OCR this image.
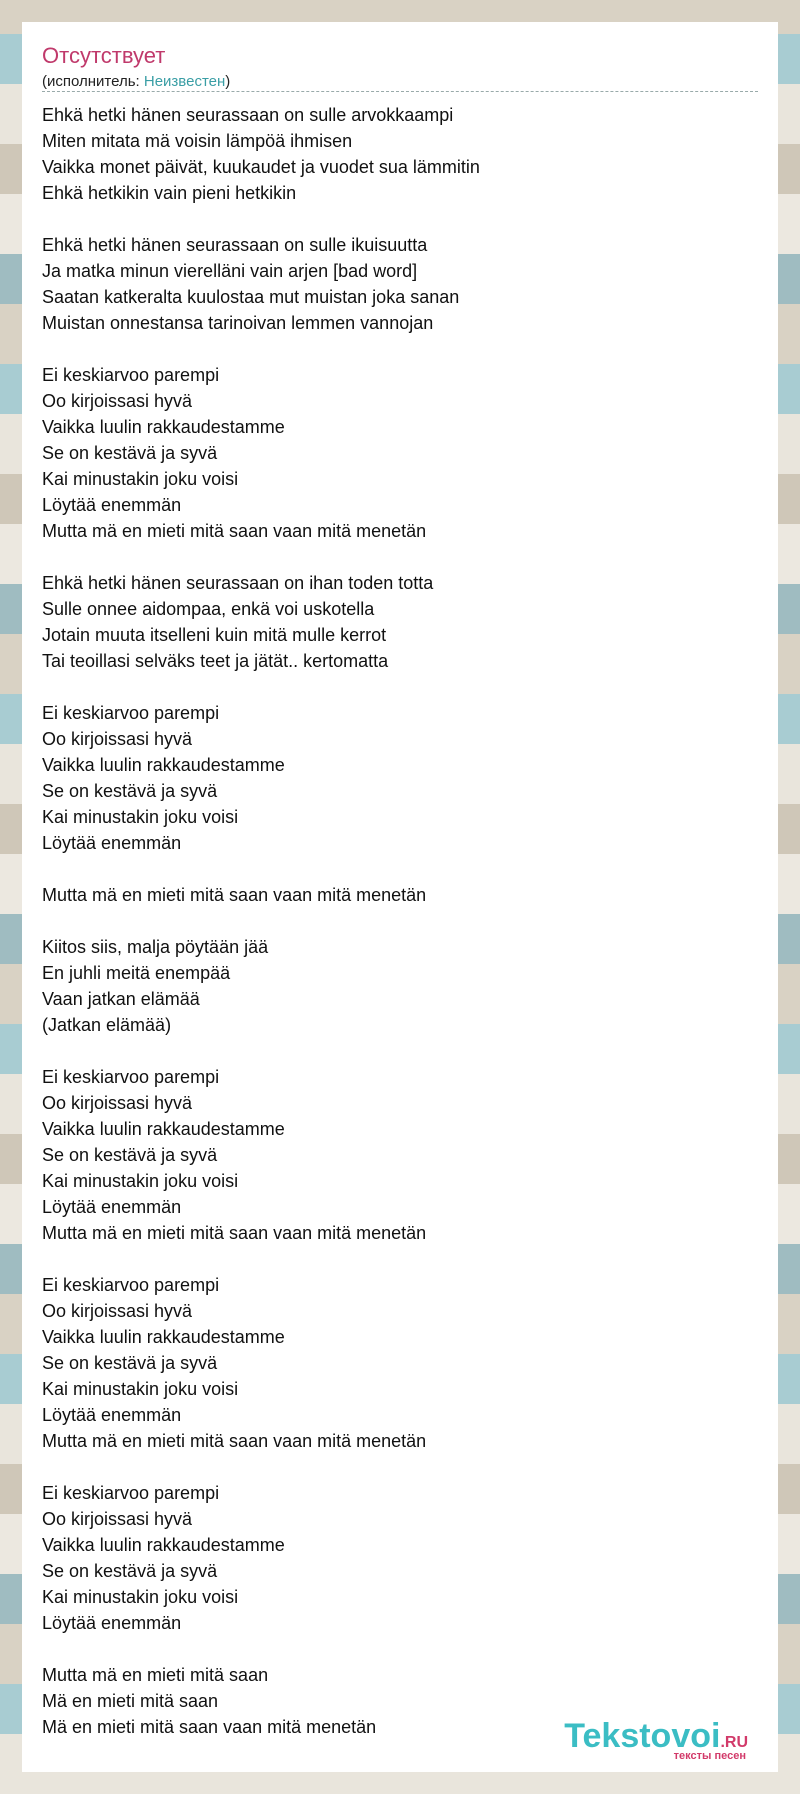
Отсутствует
(исполнитель: Неизвестен)
Ehkä hetki hänen seurassaan on sulle arvokkaampi
Miten mitata mä voisin lämpöä ihmisen
Vaikka monet päivät, kuukaudet ja vuodet sua lämmitin
Ehkä hetkikin vain pieni hetkikin
Ehkä hetki hänen seurassaan on sulle ikuisuutta
Ja matka minun vierelläni vain arjen [bad word]
Saatan katkeralta kuulostaa mut muistan joka sanan
Muistan onnestansa tarinoivan lemmen vannojan
Ei keskiarvoo parempi
Oo kirjoissasi hyvä
Vaikka luulin rakkaudestamme
Se on kestävä ja syvä
Kai minustakin joku voisi
Löytää enemmän
Mutta mä en mieti mitä saan vaan mitä menetän
Ehkä hetki hänen seurassaan on ihan toden totta
Sulle onnee aidompaa, enkä voi uskotella
Jotain muuta itselleni kuin mitä mulle kerrot
Tai teoillasi selväks teet ja jätät.. kertomatta
Ei keskiarvoo parempi
Oo kirjoissasi hyvä
Vaikka luulin rakkaudestamme
Se on kestävä ja syvä
Kai minustakin joku voisi
Löytää enemmän
Mutta mä en mieti mitä saan vaan mitä menetän
Kiitos siis, malja pöytään jää
En juhli meitä enempää
Vaan jatkan elämää
(Jatkan elämää)
Ei keskiarvoo parempi
Oo kirjoissasi hyvä
Vaikka luulin rakkaudestamme
Se on kestävä ja syvä
Kai minustakin joku voisi
Löytää enemmän
Mutta mä en mieti mitä saan vaan mitä menetän
Ei keskiarvoo parempi
Oo kirjoissasi hyvä
Vaikka luulin rakkaudestamme
Se on kestävä ja syvä
Kai minustakin joku voisi
Löytää enemmän
Mutta mä en mieti mitä saan vaan mitä menetän
Ei keskiarvoo parempi
Oo kirjoissasi hyvä
Vaikka luulin rakkaudestamme
Se on kestävä ja syvä
Kai minustakin joku voisi
Löytää enemmän
Mutta mä en mieti mitä saan
Mä en mieti mitä saan
Mä en mieti mitä saan vaan mitä menetän	Tekstovoi.RU
тексты песен
